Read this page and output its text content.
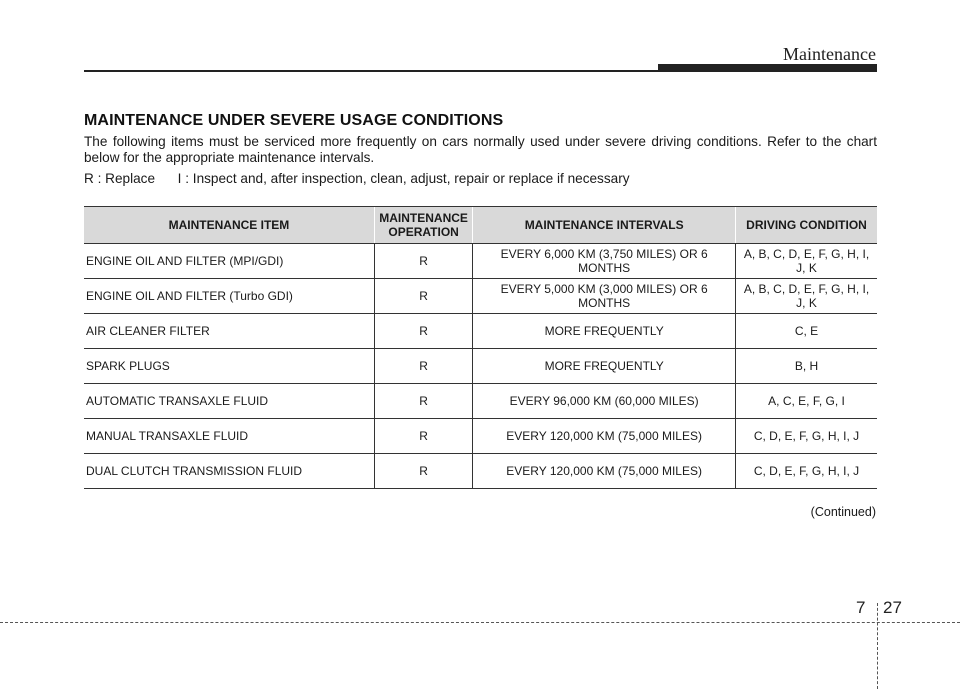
Maintenance
MAINTENANCE UNDER SEVERE USAGE CONDITIONS
The following items must be serviced more frequently on cars normally used under severe driving conditions. Refer to the chart below for the appropriate maintenance intervals.
R : Replace      I : Inspect and, after inspection, clean, adjust, repair or replace if necessary
MAINTENANCE ITEM	MAINTENANCE OPERATION	MAINTENANCE INTERVALS	DRIVING CONDITION
ENGINE OIL AND FILTER (MPI/GDI)	R	EVERY 6,000 KM (3,750 MILES) OR 6 MONTHS	A, B, C, D, E, F, G, H, I, J, K
ENGINE OIL AND FILTER (Turbo GDI)	R	EVERY 5,000 KM (3,000 MILES) OR 6 MONTHS	A, B, C, D, E, F, G, H, I, J, K
AIR CLEANER FILTER	R	MORE FREQUENTLY	C, E
SPARK PLUGS	R	MORE FREQUENTLY	B, H
AUTOMATIC TRANSAXLE FLUID	R	EVERY 96,000 KM (60,000 MILES)	A, C, E, F, G, I
MANUAL TRANSAXLE FLUID	R	EVERY 120,000 KM (75,000 MILES)	C, D, E, F, G, H, I, J
DUAL CLUTCH TRANSMISSION FLUID	R	EVERY 120,000 KM (75,000 MILES)	C, D, E, F, G, H, I, J
(Continued)
7 27
